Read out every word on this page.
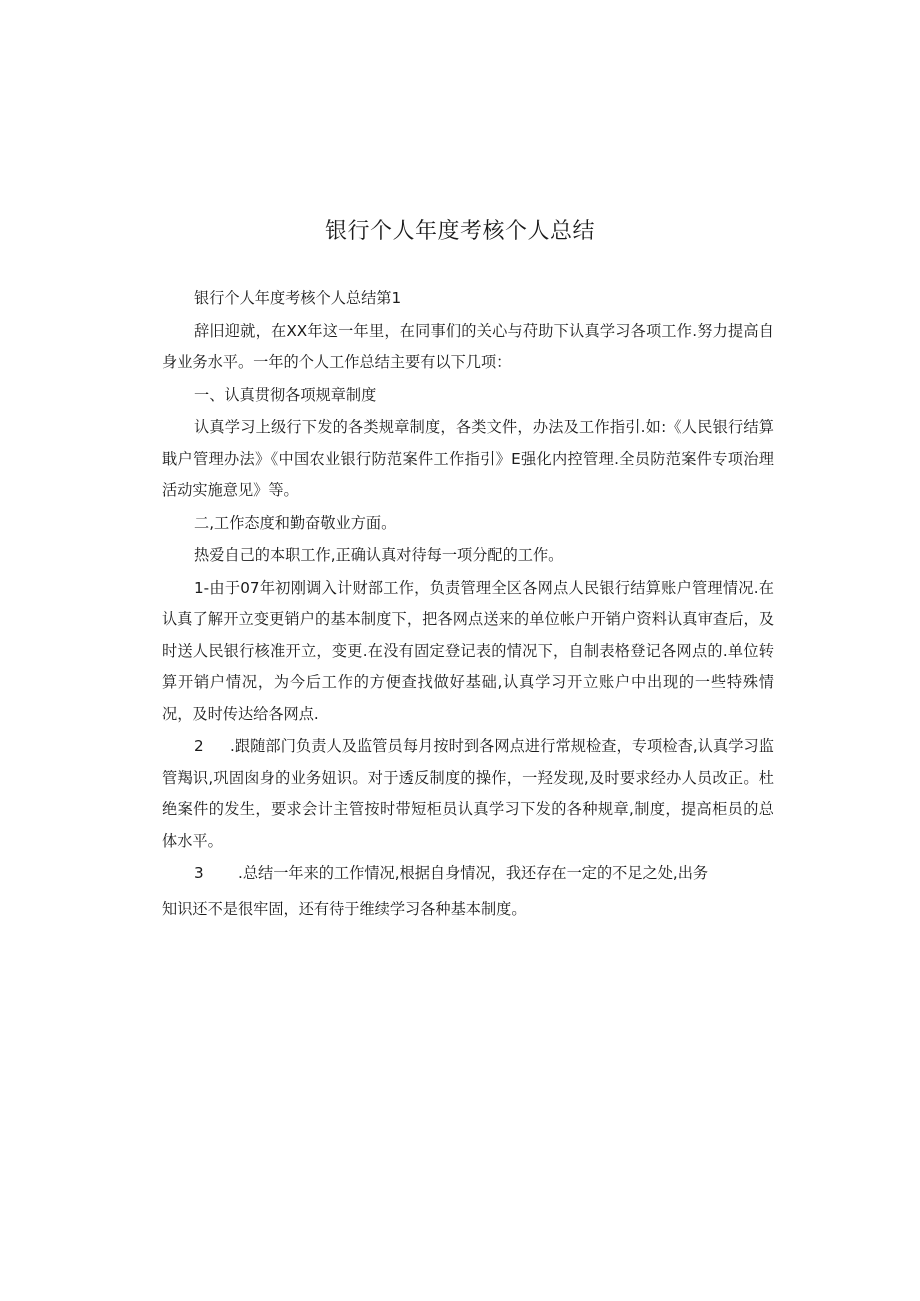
银行个人年度考核个人总结

银行个人年度考核个人总结第1

辞旧迎就，在XX年这一年里，在同事们的关心与苻助下认真学习各项工作.努力提高自身业务水平。一年的个人工作总结主要有以下几项：

一、认真贯彻各项规章制度

认真学习上级行下发的各类规章制度，各类文件，办法及工作指引.如:《人民银行结算戢户管理办法》《中国农业银行防范案件工作指引》E强化内控管理.全员防范案件专项治理活动实施意见》等。

二,工作态度和勤奋敬业方面。

热爱自己的本职工作,正确认真对待每一项分配的工作。

1-由于07年初刚调入计财部工作，负责管理全区各网点人民银行结算账户管理情况.在认真了解开立变更销户的基本制度下，把各网点送来的单位帐户开销户资料认真审查后，及时送人民银行核准开立，变更.在没有固定登记表的情况下，自制表格登记各网点的.单位转算开销户情况，为今后工作的方便查找做好基础,认真学习开立账户中出现的一些特殊情况，及时传达给各网点.

2 .跟随部门负责人及监管员每月按时到各网点进行常规检查，专项检杳,认真学习监管羯识,巩固囱身的业务妞识。对于透反制度的操作，一羟发现,及时要求经办人员改正。杜绝案件的发生，要求会计主管按时带短柜员认真学习下发的各种规章,制度，提高柜员的总体水平。

3 .总结一年来的工作情况,根据自身情况，我还存在一定的不足之处,出务

知识还不是很牢固，还有待于维续学习各种基本制度。
